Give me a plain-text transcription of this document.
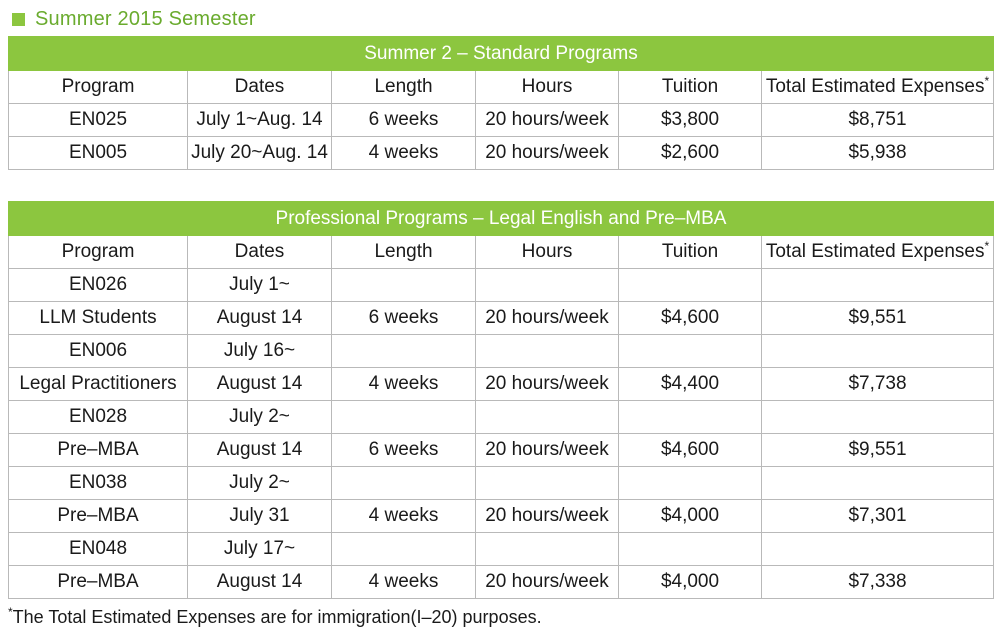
Summer 2015 Semester
Summer 2 – Standard Programs					
Program	Dates	Length	Hours	Tuition	Total Estimated Expenses*
EN025	July 1~Aug. 14	6 weeks	20 hours/week	$3,800	$8,751
EN005	July 20~Aug. 14	4 weeks	20 hours/week	$2,600	$5,938
Professional Programs – Legal English and Pre–MBA					
Program	Dates	Length	Hours	Tuition	Total Estimated Expenses*
EN026	July 1~				
LLM Students	August 14	6 weeks	20 hours/week	$4,600	$9,551
EN006	July 16~				
Legal Practitioners	August 14	4 weeks	20 hours/week	$4,400	$7,738
EN028	July 2~				
Pre–MBA	August 14	6 weeks	20 hours/week	$4,600	$9,551
EN038	July 2~				
Pre–MBA	July 31	4 weeks	20 hours/week	$4,000	$7,301
EN048	July 17~				
Pre–MBA	August 14	4 weeks	20 hours/week	$4,000	$7,338
*The Total Estimated Expenses are for immigration(I–20) purposes.
